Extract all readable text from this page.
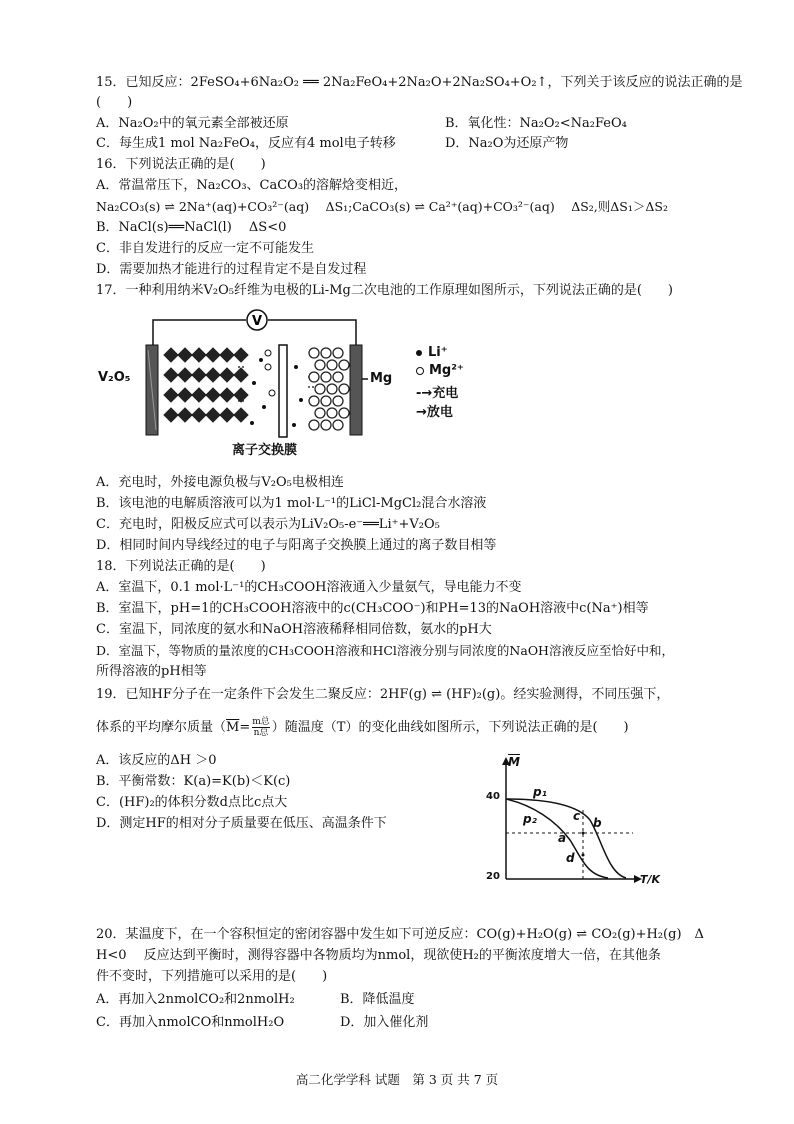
15．已知反应：2FeSO₄+6Na₂O₂ ══ 2Na₂FeO₄+2Na₂O+2Na₂SO₄+O₂↑，下列关于该反应的说法正确的是
(　　)
A．Na₂O₂中的氧元素全部被还原	B．氧化性：Na₂O₂<Na₂FeO₄
C．每生成1 mol Na₂FeO₄，反应有4 mol电子转移	D．Na₂O为还原产物
16．下列说法正确的是(　　)
A．常温常压下，Na₂CO₃、CaCO₃的溶解焓变相近，
Na₂CO₃(s) ⇌ 2Na⁺(aq)+CO₃²⁻(aq)　 ΔS₁;CaCO₃(s) ⇌ Ca²⁺(aq)+CO₃²⁻(aq)　 ΔS₂,则ΔS₁＞ΔS₂
B．NaCl(s)══NaCl(l)　 ΔS<0
C．非自发进行的反应一定不可能发生
D．需要加热才能进行的过程肯定不是自发过程
17．一种利用纳米V₂O₅纤维为电极的Li-Mg二次电池的工作原理如图所示，下列说法正确的是(　　)
V
V₂O₅	Mg
离子交换膜
Li⁺
Mg²⁺
-→充电
→放电
A．充电时，外接电源负极与V₂O₅电极相连
B．该电池的电解质溶液可以为1 mol·L⁻¹的LiCl-MgCl₂混合水溶液
C．充电时，阳极反应式可以表示为LiV₂O₅-e⁻══Li⁺+V₂O₅
D．相同时间内导线经过的电子与阳离子交换膜上通过的离子数目相等
18．下列说法正确的是(　　)
A．室温下，0.1 mol·L⁻¹的CH₃COOH溶液通入少量氨气，导电能力不变
B．室温下，pH=1的CH₃COOH溶液中的c(CH₃COO⁻)和PH=13的NaOH溶液中c(Na⁺)相等
C．室温下，同浓度的氨水和NaOH溶液稀释相同倍数，氨水的pH大
D．室温下，等物质的量浓度的CH₃COOH溶液和HCl溶液分别与同浓度的NaOH溶液反应至恰好中和，
所得溶液的pH相等
19．已知HF分子在一定条件下会发生二聚反应：2HF(g) ⇌ (HF)₂(g)。经实验测得，不同压强下，
体系的平均摩尔质量（$\overline{M}= m$总
n总 ）随温度（T）的变化曲线如图所示，下列说法正确的是(　　)
A．该反应的ΔH ＞0
B．平衡常数：K(a)=K(b)＜K(c)
C．(HF)₂的体积分数d点比c点大
D．测定HF的相对分子质量要在低压、高温条件下
$\overline{M}$
40
20	T/K
p₁
p₂	c b
a
d
20．某温度下，在一个容积恒定的密闭容器中发生如下可逆反应：CO(g)+H₂O(g) ⇌ CO₂(g)+H₂(g)　Δ
H<0　 反应达到平衡时，测得容器中各物质均为nmol，现欲使H₂的平衡浓度增大一倍，在其他条
件不变时，下列措施可以采用的是(　　)
A．再加入2nmolCO₂和2nmolH₂	B．降低温度
C．再加入nmolCO和nmolH₂O	D．加入催化剂
高二化学学科 试题　第 3 页 共 7 页
